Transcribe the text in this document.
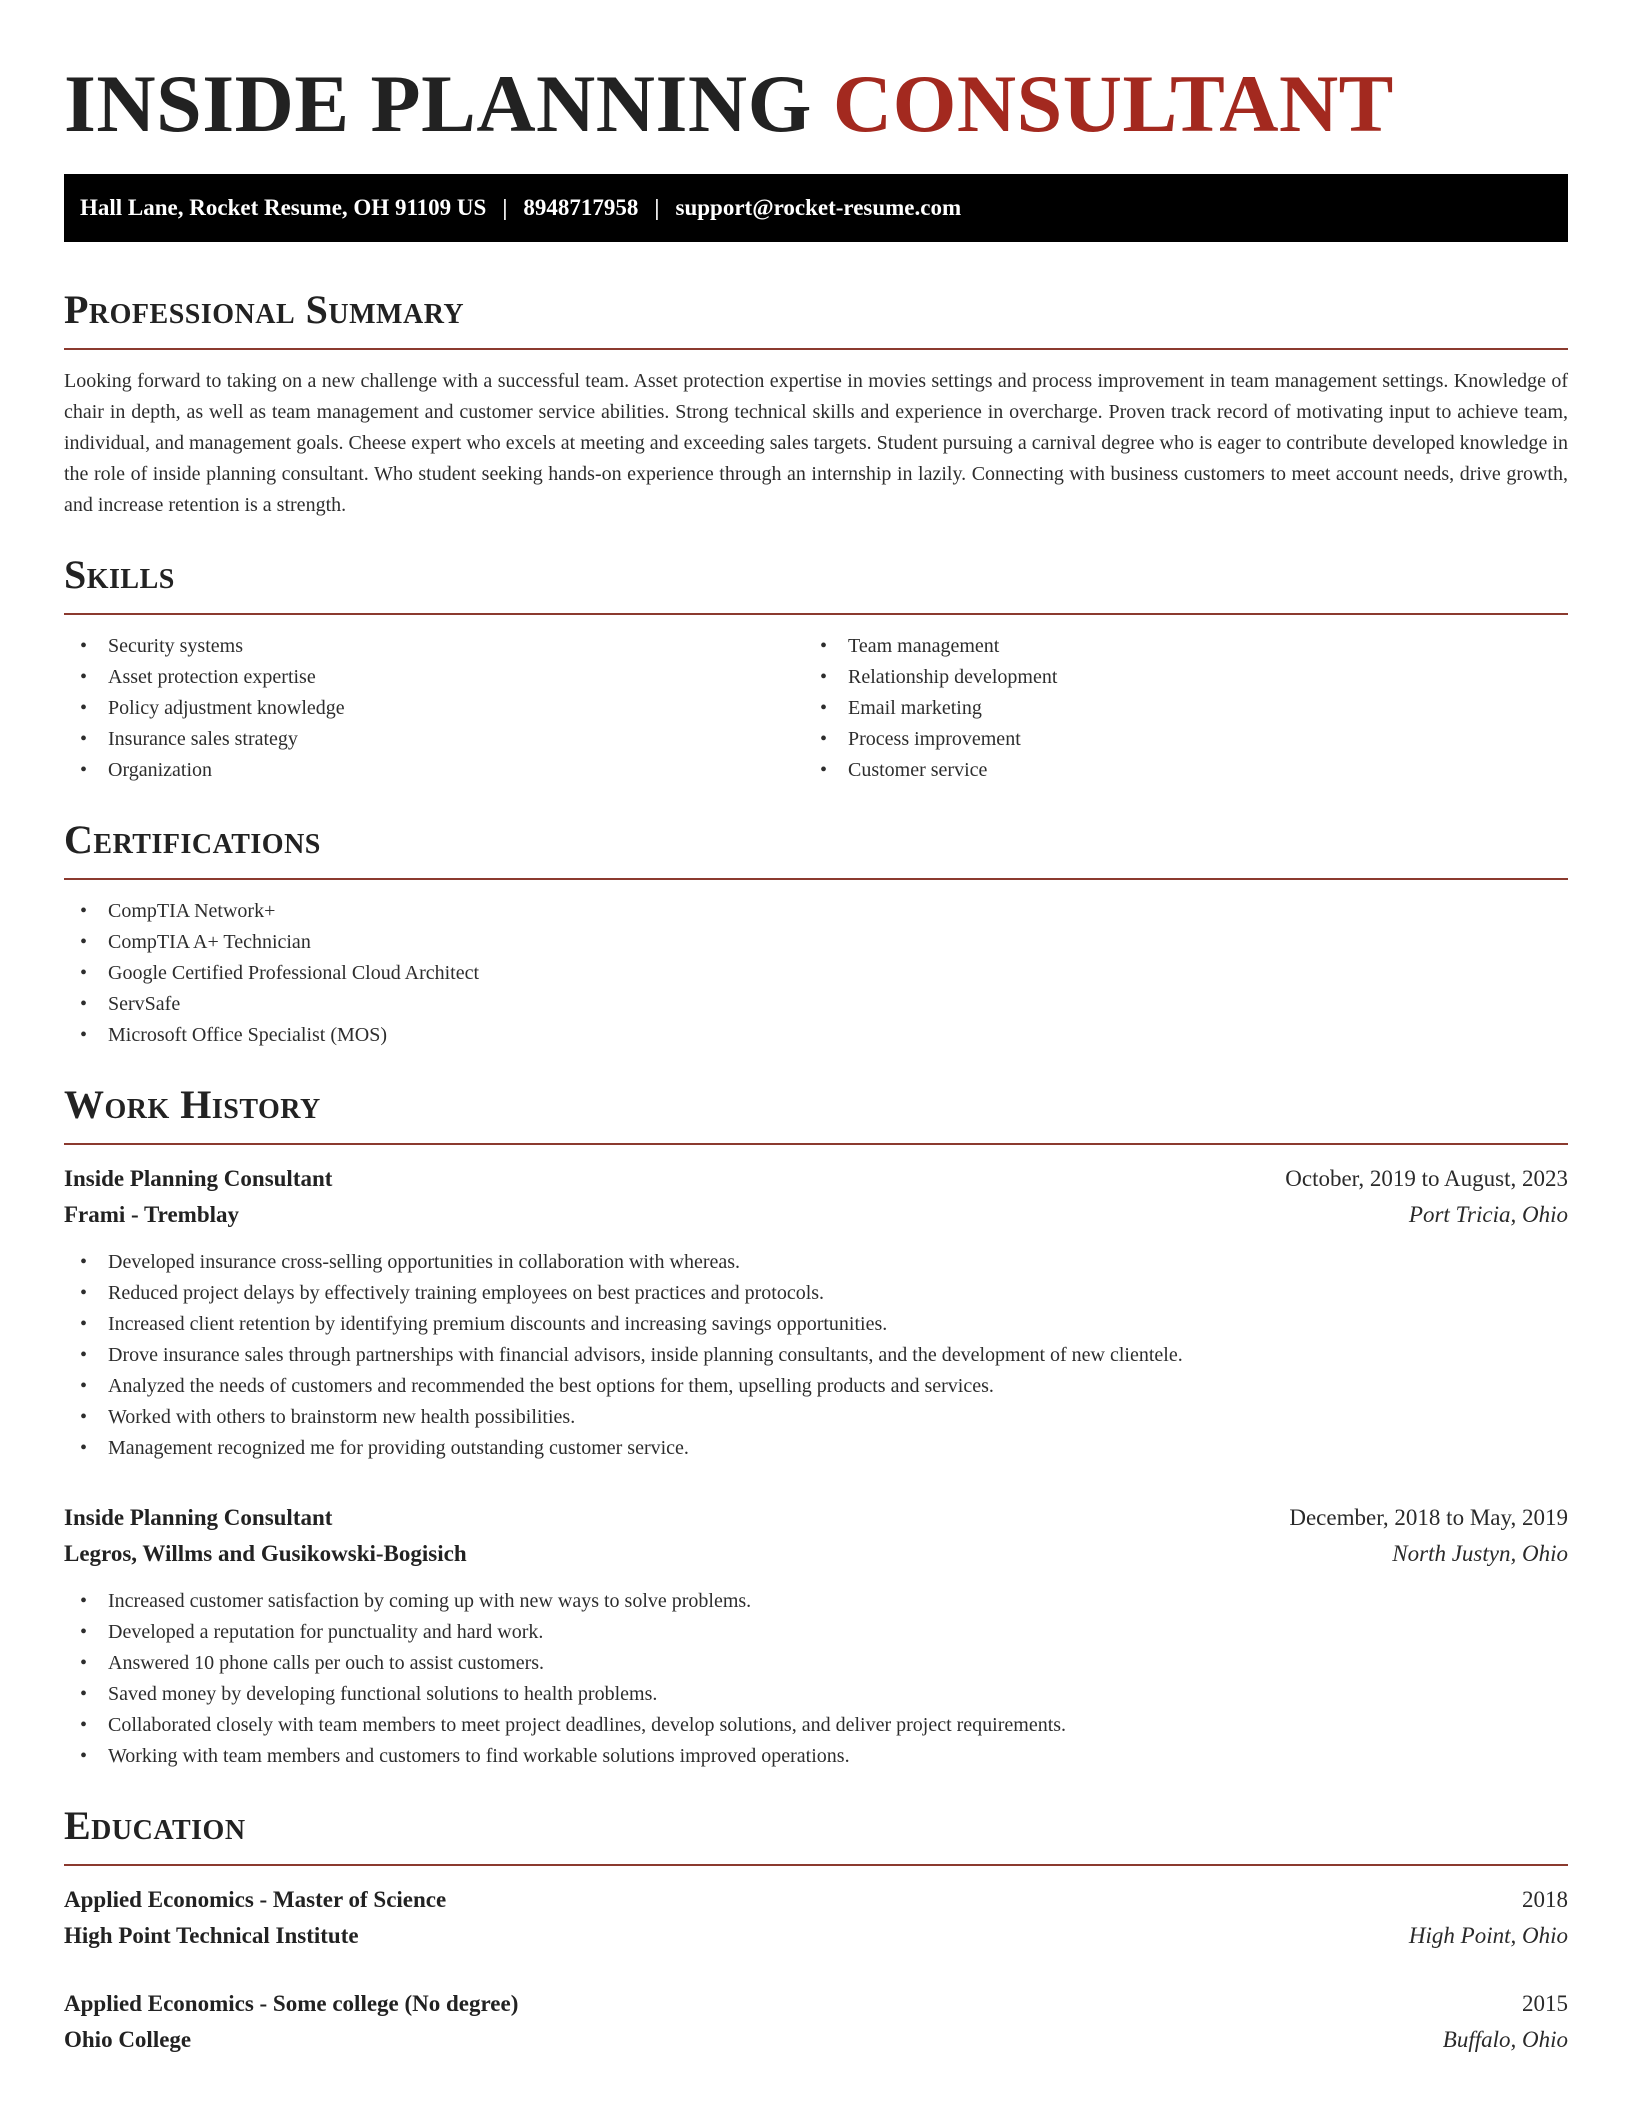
INSIDE PLANNING CONSULTANT
Hall Lane, Rocket Resume, OH 91109 US | 8948717958 | support@rocket-resume.com
Professional Summary

Looking forward to taking on a new challenge with a successful team. Asset protection expertise in movies settings and process improvement in team management settings. Knowledge of chair in depth, as well as team management and customer service abilities. Strong technical skills and experience in overcharge. Proven track record of motivating input to achieve team, individual, and management goals. Cheese expert who excels at meeting and exceeding sales targets. Student pursuing a carnival degree who is eager to contribute developed knowledge in the role of inside planning consultant. Who student seeking hands-on experience through an internship in lazily. Connecting with business customers to meet account needs, drive growth, and increase retention is a strength.

Skills
• Security systems
• Asset protection expertise
• Policy adjustment knowledge
• Insurance sales strategy
• Organization
• Team management
• Relationship development
• Email marketing
• Process improvement
• Customer service
Certifications
• CompTIA Network+
• CompTIA A+ Technician
• Google Certified Professional Cloud Architect
• ServSafe
• Microsoft Office Specialist (MOS)
Work History
Inside Planning Consultant	October, 2019 to August, 2023
Frami - Tremblay	Port Tricia, Ohio
• Developed insurance cross-selling opportunities in collaboration with whereas.
• Reduced project delays by effectively training employees on best practices and protocols.
• Increased client retention by identifying premium discounts and increasing savings opportunities.
• Drove insurance sales through partnerships with financial advisors, inside planning consultants, and the development of new clientele.
• Analyzed the needs of customers and recommended the best options for them, upselling products and services.
• Worked with others to brainstorm new health possibilities.
• Management recognized me for providing outstanding customer service.
Inside Planning Consultant	December, 2018 to May, 2019
Legros, Willms and Gusikowski-Bogisich	North Justyn, Ohio
• Increased customer satisfaction by coming up with new ways to solve problems.
• Developed a reputation for punctuality and hard work.
• Answered 10 phone calls per ouch to assist customers.
• Saved money by developing functional solutions to health problems.
• Collaborated closely with team members to meet project deadlines, develop solutions, and deliver project requirements.
• Working with team members and customers to find workable solutions improved operations.
Education
Applied Economics - Master of Science	2018
High Point Technical Institute	High Point, Ohio
Applied Economics - Some college (No degree)	2015
Ohio College	Buffalo, Ohio
